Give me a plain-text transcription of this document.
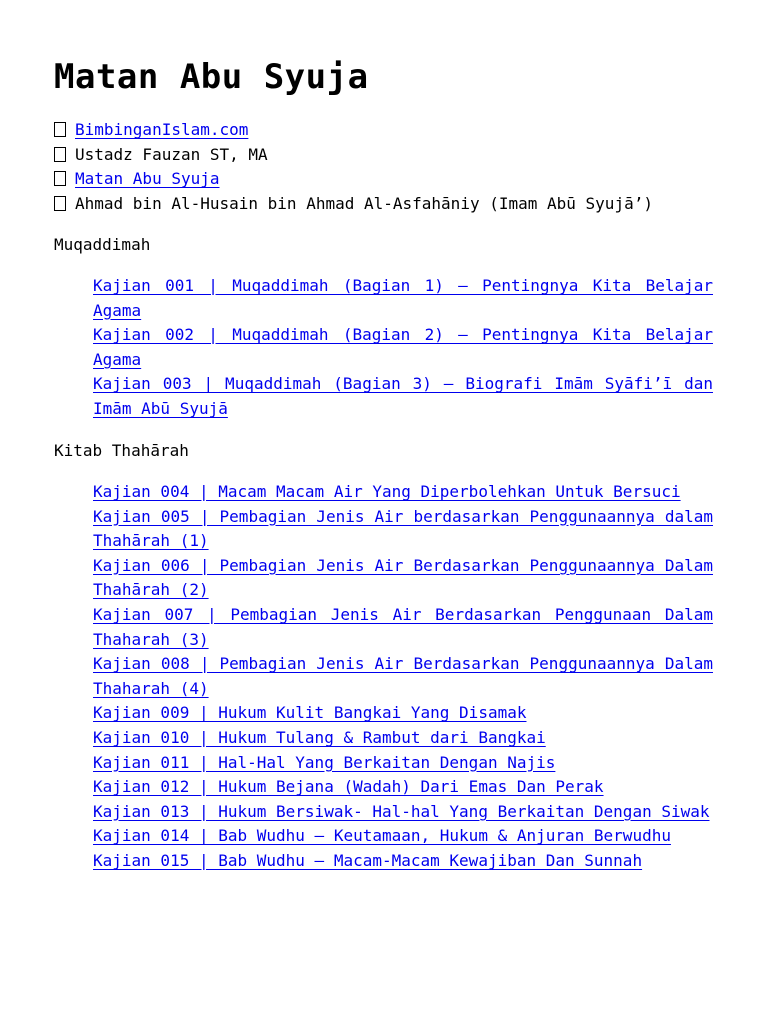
Matan Abu Syuja
BimbinganIslam.com
Ustadz Fauzan ST, MA
Matan Abu Syuja
Ahmad bin Al-Husain bin Ahmad Al-Asfahāniy (Imam Abū Syujā’)
Muqaddimah
Kajian 001 | Muqaddimah (Bagian 1) – Pentingnya Kita Belajar Agama
Kajian 002 | Muqaddimah (Bagian 2) – Pentingnya Kita Belajar Agama
Kajian 003 | Muqaddimah (Bagian 3) – Biografi Imām Syāfi’ī dan Imām Abū Syujā
Kitab Thahārah
Kajian 004 | Macam Macam Air Yang Diperbolehkan Untuk Bersuci
Kajian 005 | Pembagian Jenis Air berdasarkan Penggunaannya dalam Thahārah (1)
Kajian 006 | Pembagian Jenis Air Berdasarkan Penggunaannya Dalam Thahārah (2)
Kajian 007 | Pembagian Jenis Air Berdasarkan Penggunaan Dalam Thaharah (3)
Kajian 008 | Pembagian Jenis Air Berdasarkan Penggunaannya Dalam Thaharah (4)
Kajian 009 | Hukum Kulit Bangkai Yang Disamak
Kajian 010 | Hukum Tulang & Rambut dari Bangkai
Kajian 011 | Hal-Hal Yang Berkaitan Dengan Najis
Kajian 012 | Hukum Bejana (Wadah) Dari Emas Dan Perak
Kajian 013 | Hukum Bersiwak- Hal-hal Yang Berkaitan Dengan Siwak
Kajian 014 | Bab Wudhu – Keutamaan, Hukum & Anjuran Berwudhu
Kajian 015 | Bab Wudhu – Macam-Macam Kewajiban Dan Sunnah
